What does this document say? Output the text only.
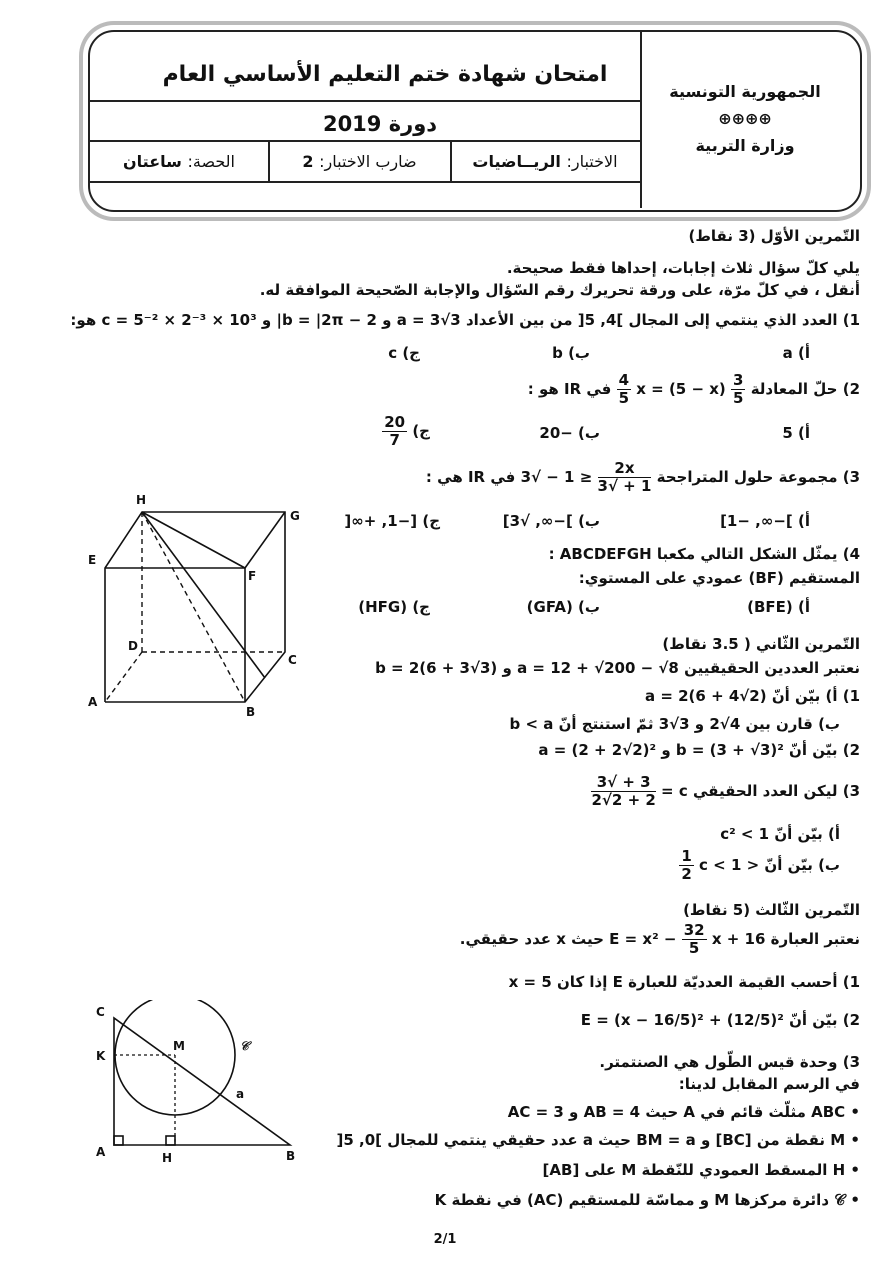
امتحان شهادة ختم التعليم الأساسي العام
دورة 2019
الجمهورية التونسية
⊕⊕⊕⊕
وزارة التربية
الاختبار: الريــاضيات
ضارب الاختبار: 2
الحصة: ساعتان
التّمرين الأوّل (3 نقاط)
يلي كلّ سؤال ثلاث إجابات، إحداها فقط صحيحة.
أنقل ، في كلّ مرّة، على ورقة تحريرك رقم السّؤال والإجابة الصّحيحة الموافقة له.
1) العدد الذي ينتمي إلى المجال ]4, 5[ من بين الأعداد a = 3√3 و b = |2π − 2| و c = 5⁻² × 2⁻³ × 10³ هو:
أ) a
ب) b
ج) c
2) حلّ المعادلة
$\frac{3}{5}$
x = (5 − x)
$\frac{4}{5}$
في IR هو :
أ) 5
ب) −20
ج)
$\frac{20}{7}$
3) مجموعة حلول المتراجحة
$\frac{2x}{1 + √3}$
≤ 1 − √3 في IR هي :
أ) ]−∞, −1]
ب) ]−∞, √3]
ج) [−1, +∞[
4) يمثّل الشكل التالي مكعبا ABCDEFGH :
المستقيم (BF) عمودي على المستوي:
أ) (BFE)
ب) (GFA)
ج) (HFG)
H
G
E
F
D
C
A
B
التّمرين الثّاني ( 3.5 نقاط)
نعتبر العددين الحقيقيين a = 12 + √200 − √8 و b = 2(6 + 3√3)
1) أ) بيّن أنّ a = 2(6 + 4√2)
ب) قارن بين 4√2 و 3√3 ثمّ استنتج أنّ b < a
2) بيّن أنّ b = (3 + √3)² و a = (2 + 2√2)²
3) ليكن العدد الحقيقي c =
$\frac{3 + √3}{2 + 2√2}$
أ) بيّن أنّ c² < 1
ب) بيّن أنّ < c < 1
$\frac{1}{2}$
التّمرين الثّالث (5 نقاط)
نعتبر العبارة $E = x^2 - \frac{32}{5}$ x + 16 حيث x عدد حقيقي.
1) أحسب القيمة العدديّة للعبارة E إذا كان x = 5
2) بيّن أنّ E = (x − 16/5)² + (12/5)²
3) وحدة قيس الطّول هي الصنتمتر.
في الرسم المقابل لدينا:
• ABC مثلّث قائم في A حيث AB = 4 و AC = 3
• M نقطة من [BC] و BM = a حيث a عدد حقيقي ينتمي للمجال ]0, 5[
• H المسقط العمودي للنّقطة M على [AB]
• 𝒞 دائرة مركزها M و مماسّة للمستقيم (AC) في نقطة K
C
K
M	𝒞
a
A	H	B
2/1
